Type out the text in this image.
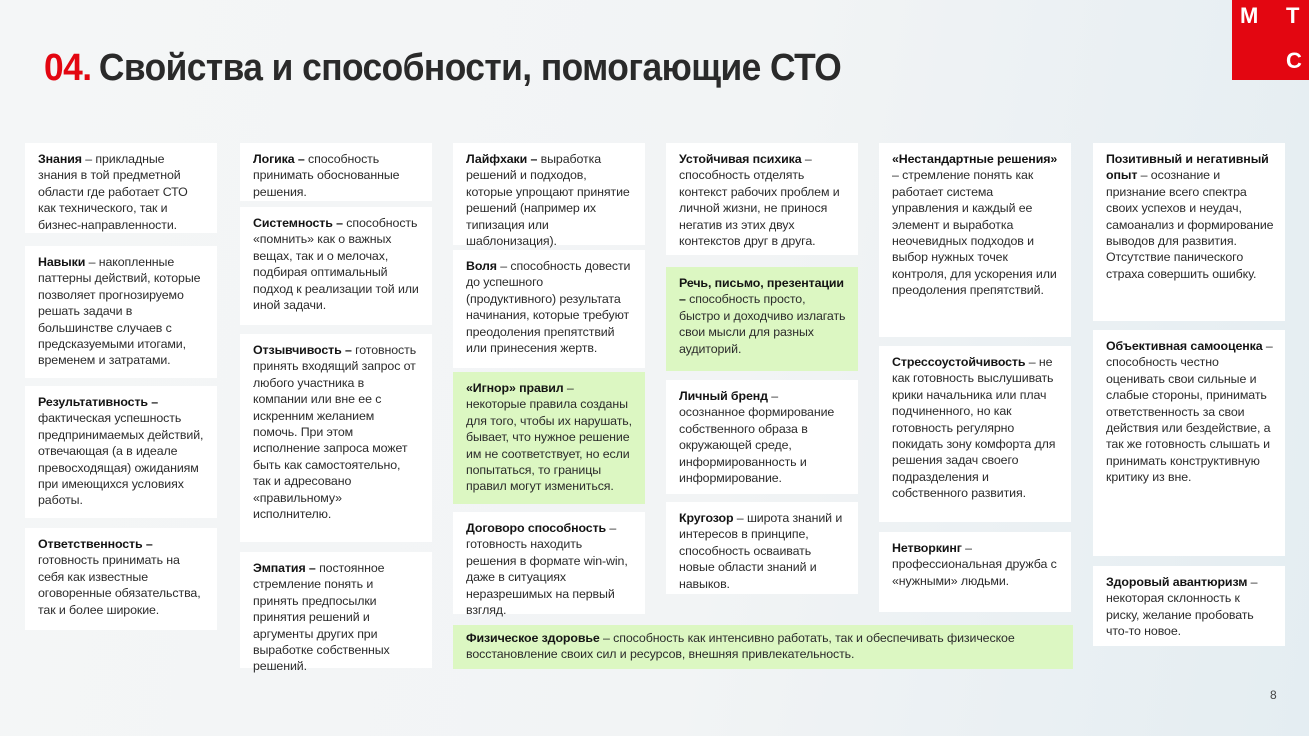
04. Свойства и способности, помогающие СТО
М Т
С
Знания – прикладные знания в той предметной области где работает СТО как технического, так и бизнес-направленности.
Навыки – накопленные паттерны действий, которые позволяет прогнозируемо решать задачи в большинстве случаев с предсказуемыми итогами, временем и затратами.
Результативность – фактическая успешность предпринимаемых действий, отвечающая (а в идеале превосходящая) ожиданиям при имеющихся условиях работы.
Ответственность – готовность принимать на себя как известные оговоренные обязательства, так и более широкие.
Логика – способность принимать обоснованные решения.
Системность – способность «помнить» как о важных вещах, так и о мелочах, подбирая оптимальный подход к реализации той или иной задачи.
Отзывчивость – готовность принять входящий запрос от любого участника в компании или вне ее с искренним желанием помочь. При этом исполнение запроса может быть как самостоятельно, так и адресовано «правильному» исполнителю.
Эмпатия – постоянное стремление понять и принять предпосылки принятия решений и аргументы других при выработке собственных решений.
Лайфхаки – выработка решений и подходов, которые упрощают принятие решений (например их типизация или шаблонизация).
Воля – способность довести до успешного (продуктивного) результата начинания, которые требуют преодоления препятствий или принесения жертв.
«Игнор» правил – некоторые правила созданы для того, чтобы их нарушать, бывает, что нужное решение им не соответствует, но если попытаться, то границы правил могут измениться.
Договоро способность – готовность находить решения в формате win-win, даже в ситуациях неразрешимых на первый взгляд.
Устойчивая психика – способность отделять контекст рабочих проблем и личной жизни, не принося негатив из этих двух контекстов друг в друга.
Речь, письмо, презентации – способность просто, быстро и доходчиво излагать свои мысли для разных аудиторий.
Личный бренд – осознанное формирование собственного образа в окружающей среде, информированность и информирование.
Кругозор – широта знаний и интересов в принципе, способность осваивать новые области знаний и навыков.
«Нестандартные решения» – стремление понять как работает система управления и каждый ее элемент и выработка неочевидных подходов и выбор нужных точек контроля, для ускорения или преодоления препятствий.
Стрессоустойчивость – не как готовность выслушивать крики начальника или плач подчиненного, но как готовность регулярно покидать зону комфорта для решения задач своего подразделения и собственного развития.
Нетворкинг – профессиональная дружба с «нужными» людьми.
Позитивный и негативный опыт – осознание и признание всего спектра своих успехов и неудач, самоанализ и формирование выводов для развития. Отсутствие панического страха совершить ошибку.
Объективная самооценка – способность честно оценивать свои сильные и слабые стороны, принимать ответственность за свои действия или бездействие, а так же готовность слышать и принимать конструктивную критику из вне.
Здоровый авантюризм – некоторая склонность к риску, желание пробовать что-то новое.
Физическое здоровье – способность как интенсивно работать, так и обеспечивать физическое восстановление своих сил и ресурсов, внешняя привлекательность.
8
